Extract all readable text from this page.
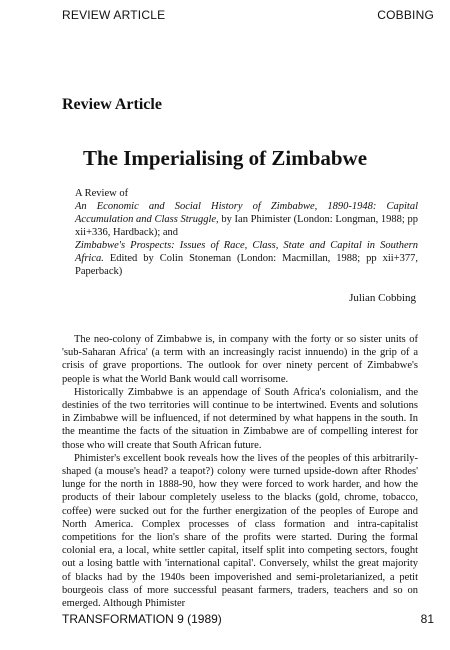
REVIEW ARTICLE	COBBING
Review Article
The Imperialising of Zimbabwe

A Review of

An Economic and Social History of Zimbabwe, 1890-1948: Capital Accumulation and Class Struggle, by Ian Phimister (London: Longman, 1988; pp xii+336, Hardback); and

Zimbabwe's Prospects: Issues of Race, Class, State and Capital in Southern Africa. Edited by Colin Stoneman (London: Macmillan, 1988; pp xii+377, Paperback)

Julian Cobbing

The neo-colony of Zimbabwe is, in company with the forty or so sister units of 'sub-Saharan Africa' (a term with an increasingly racist innuendo) in the grip of a crisis of grave proportions. The outlook for over ninety percent of Zimbabwe's people is what the World Bank would call worrisome.

Historically Zimbabwe is an appendage of South Africa's colonialism, and the destinies of the two territories will continue to be intertwined. Events and solutions in Zimbabwe will be influenced, if not determined by what happens in the south. In the meantime the facts of the situation in Zimbabwe are of compelling interest for those who will create that South African future.

Phimister's excellent book reveals how the lives of the peoples of this arbitrarily-shaped (a mouse's head? a teapot?) colony were turned upside-down after Rhodes' lunge for the north in 1888-90, how they were forced to work harder, and how the products of their labour completely useless to the blacks (gold, chrome, tobacco, coffee) were sucked out for the further energization of the peoples of Europe and North America. Complex processes of class formation and intra-capitalist competitions for the lion's share of the profits were started. During the formal colonial era, a local, white settler capital, itself split into competing sectors, fought out a losing battle with 'international capital'. Conversely, whilst the great majority of blacks had by the 1940s been impoverished and semi-proletarianized, a petit bourgeois class of more successful peasant farmers, traders, teachers and so on emerged. Although Phimister

TRANSFORMATION 9 (1989)	81
